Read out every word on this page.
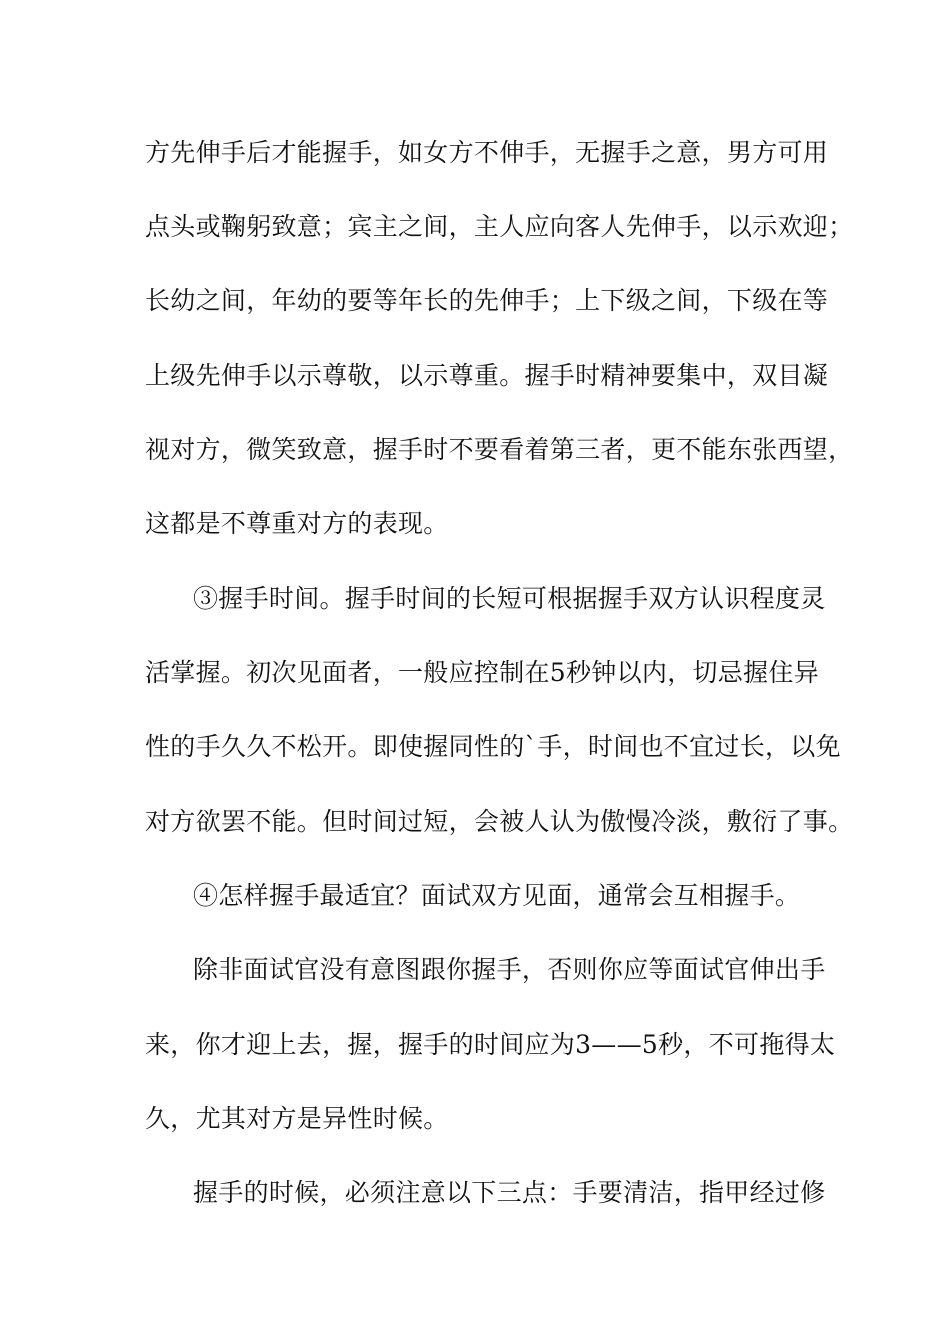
方先伸手后才能握手，如女方不伸手，无握手之意，男方可用
点头或鞠躬致意；宾主之间，主人应向客人先伸手，以示欢迎；
长幼之间，年幼的要等年长的先伸手；上下级之间，下级在等
上级先伸手以示尊敬，以示尊重。握手时精神要集中，双目凝
视对方，微笑致意，握手时不要看着第三者，更不能东张西望，
这都是不尊重对方的表现。
③握手时间。握手时间的长短可根据握手双方认识程度灵
活掌握。初次见面者，一般应控制在5秒钟以内，切忌握住异
性的手久久不松开。即使握同性的`手，时间也不宜过长，以免
对方欲罢不能。但时间过短，会被人认为傲慢冷淡，敷衍了事。
④怎样握手最适宜？面试双方见面，通常会互相握手。
除非面试官没有意图跟你握手，否则你应等面试官伸出手
来，你才迎上去，握，握手的时间应为3——5秒，不可拖得太
久，尤其对方是异性时候。
握手的时候，必须注意以下三点：手要清洁，指甲经过修
